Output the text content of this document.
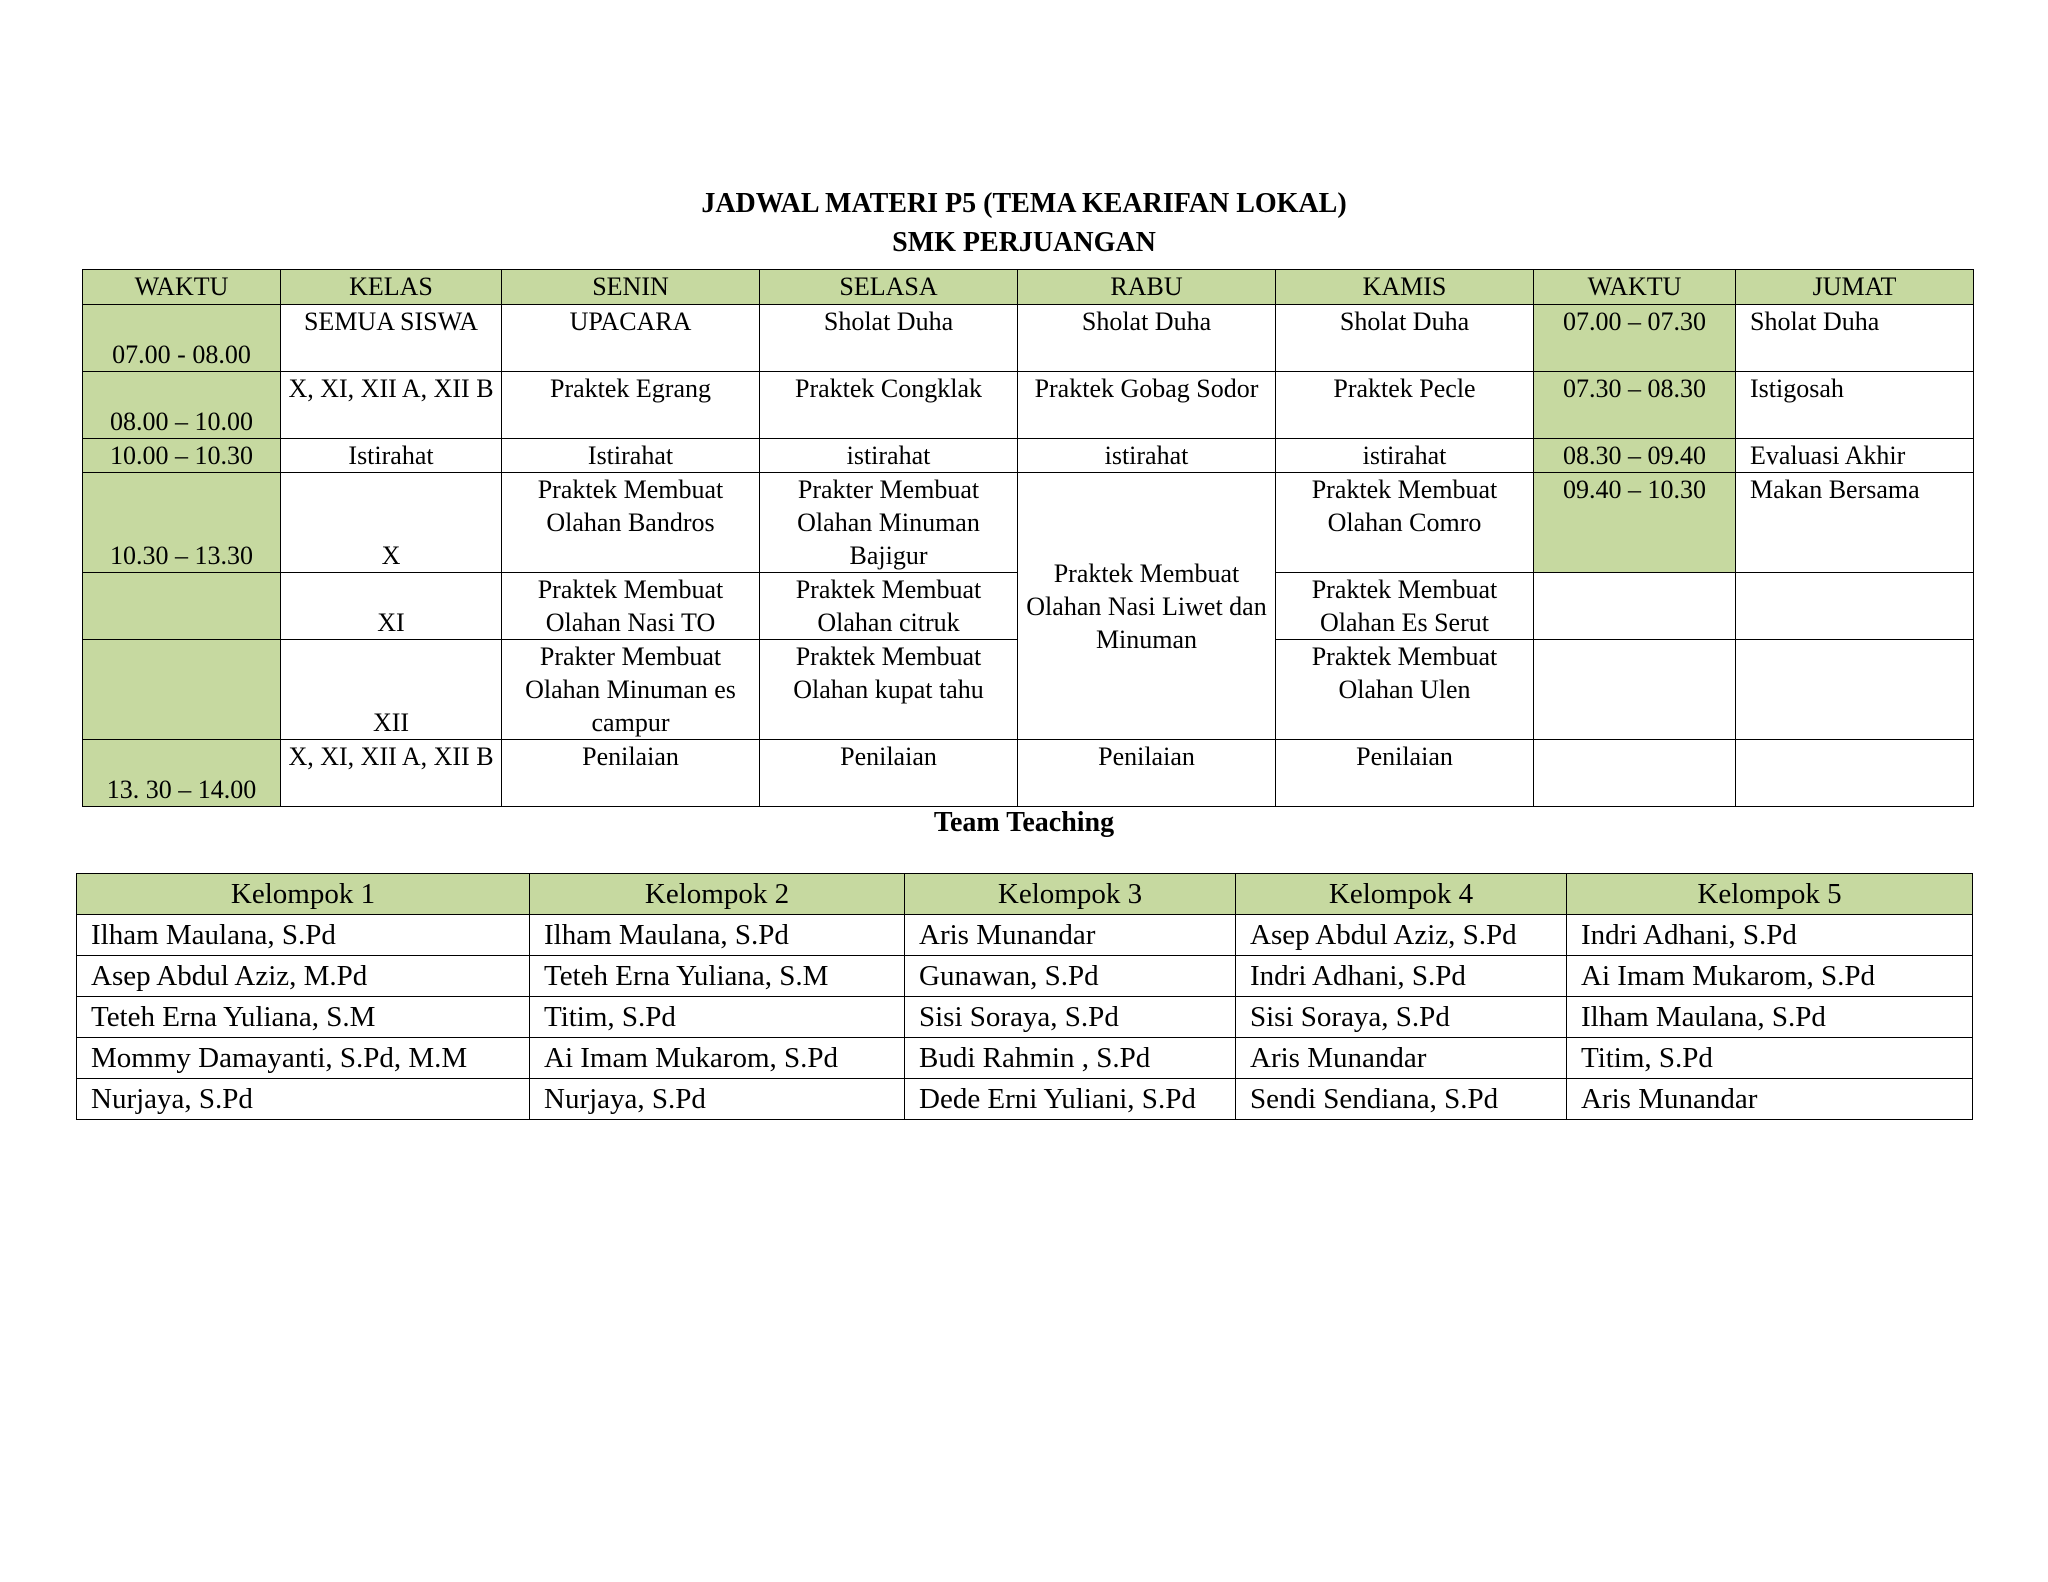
JADWAL MATERI P5 (TEMA KEARIFAN LOKAL)
SMK PERJUANGAN
WAKTU	KELAS	SENIN	SELASA	RABU	KAMIS	WAKTU	JUMAT
07.00 - 08.00	SEMUA SISWA	UPACARA	Sholat Duha	Sholat Duha	Sholat Duha	07.00 – 07.30	Sholat Duha
08.00 – 10.00	X, XI, XII A, XII B	Praktek Egrang	Praktek Congklak	Praktek Gobag Sodor	Praktek Pecle	07.30 – 08.30	Istigosah
10.00 – 10.30	Istirahat	Istirahat	istirahat	istirahat	istirahat	08.30 – 09.40	Evaluasi Akhir
10.30 – 13.30	X	Praktek Membuat Olahan Bandros	Prakter Membuat Olahan Minuman Bajigur	Praktek Membuat Olahan Nasi Liwet dan Minuman	Praktek Membuat Olahan Comro	09.40 – 10.30	Makan Bersama
	XI	Praktek Membuat Olahan Nasi TO	Praktek Membuat Olahan citruk		Praktek Membuat Olahan Es Serut		
	XII	Prakter Membuat Olahan Minuman es campur	Praktek Membuat Olahan kupat tahu		Praktek Membuat Olahan Ulen		
13. 30 – 14.00	X, XI, XII A, XII B	Penilaian	Penilaian	Penilaian	Penilaian		
Team Teaching
Kelompok 1	Kelompok 2	Kelompok 3	Kelompok 4	Kelompok 5
Ilham Maulana, S.Pd	Ilham Maulana, S.Pd	Aris Munandar	Asep Abdul Aziz, S.Pd	Indri Adhani, S.Pd
Asep Abdul Aziz, M.Pd	Teteh Erna Yuliana, S.M	Gunawan, S.Pd	Indri Adhani, S.Pd	Ai Imam Mukarom, S.Pd
Teteh Erna Yuliana, S.M	Titim, S.Pd	Sisi Soraya, S.Pd	Sisi Soraya, S.Pd	Ilham Maulana, S.Pd
Mommy Damayanti, S.Pd, M.M	Ai Imam Mukarom, S.Pd	Budi Rahmin , S.Pd	Aris Munandar	Titim, S.Pd
Nurjaya, S.Pd	Nurjaya, S.Pd	Dede Erni Yuliani, S.Pd	Sendi Sendiana, S.Pd	Aris Munandar
